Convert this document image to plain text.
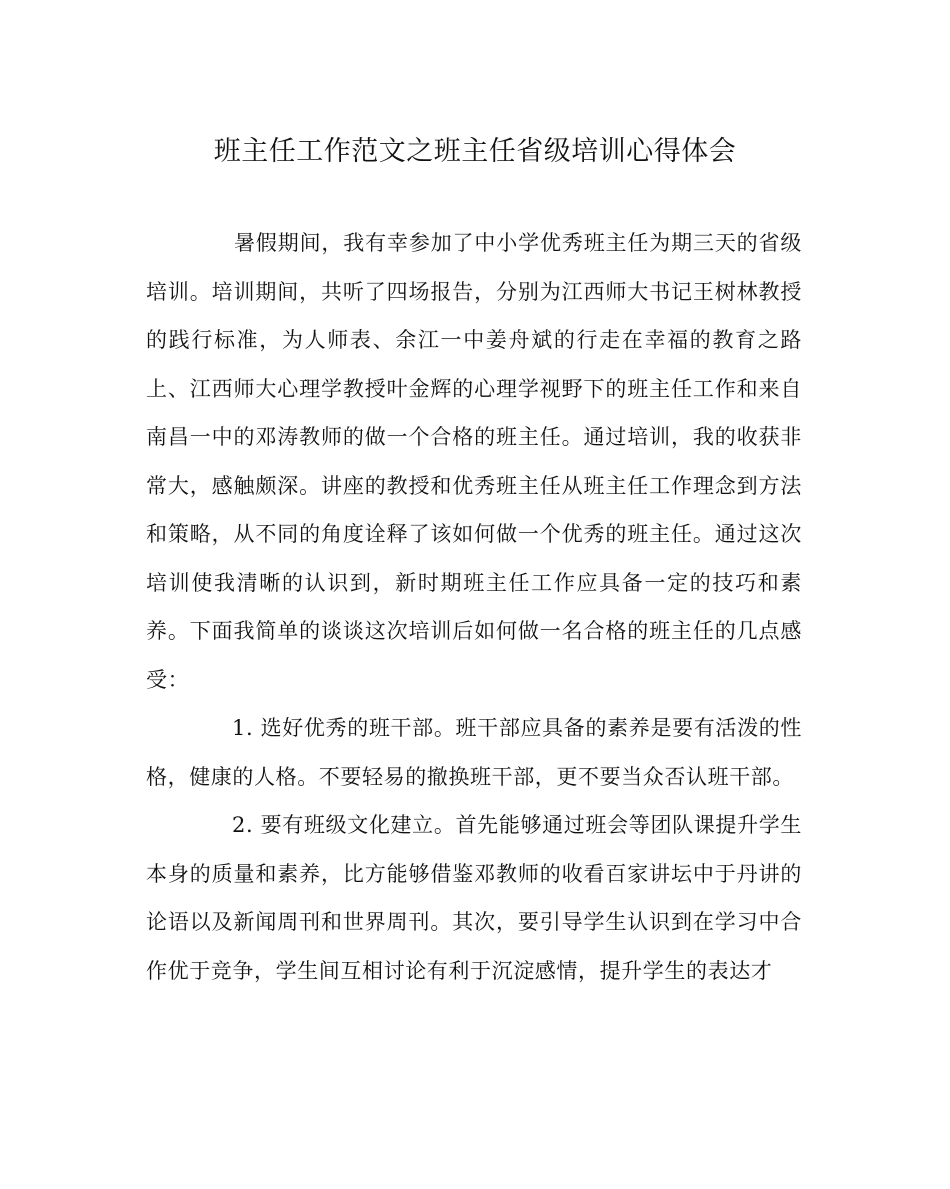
班主任工作范文之班主任省级培训心得体会

暑假期间，我有幸参加了中小学优秀班主任为期三天的省级培训。培训期间，共听了四场报告，分别为江西师大书记王树林教授的践行标准，为人师表、余江一中姜舟斌的行走在幸福的教育之路上、江西师大心理学教授叶金辉的心理学视野下的班主任工作和来自南昌一中的邓涛教师的做一个合格的班主任。通过培训，我的收获非常大，感触颇深。讲座的教授和优秀班主任从班主任工作理念到方法和策略，从不同的角度诠释了该如何做一个优秀的班主任。通过这次培训使我清晰的认识到，新时期班主任工作应具备一定的技巧和素养。下面我简单的谈谈这次培训后如何做一名合格的班主任的几点感受：

1. 选好优秀的班干部。班干部应具备的素养是要有活泼的性格，健康的人格。不要轻易的撤换班干部，更不要当众否认班干部。

2. 要有班级文化建立。首先能够通过班会等团队课提升学生本身的质量和素养，比方能够借鉴邓教师的收看百家讲坛中于丹讲的论语以及新闻周刊和世界周刊。其次，要引导学生认识到在学习中合作优于竞争，学生间互相讨论有利于沉淀感情，提升学生的表达才
